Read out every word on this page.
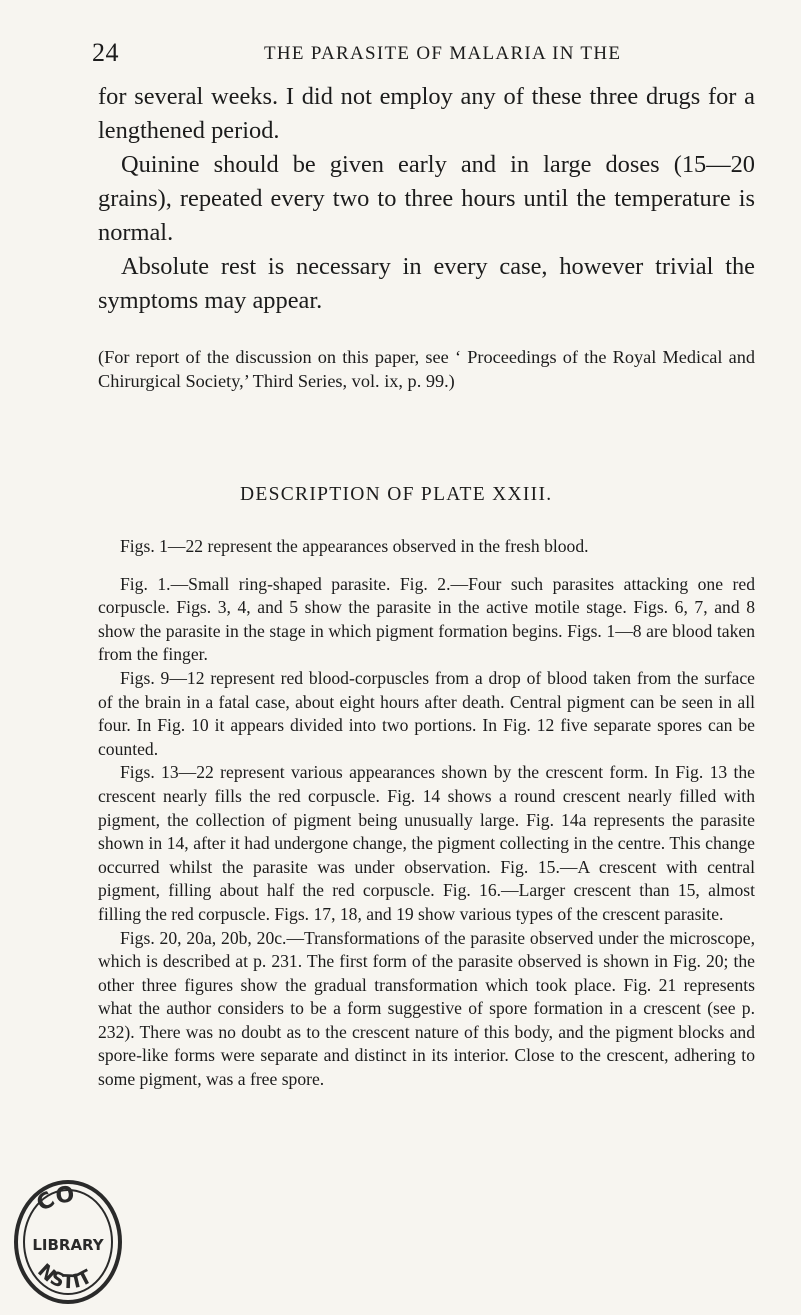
24	THE PARASITE OF MALARIA IN THE

for several weeks. I did not employ any of these three drugs for a lengthened period.

Quinine should be given early and in large doses (15—20 grains), repeated every two to three hours until the temperature is normal.

Absolute rest is necessary in every case, however trivial the symptoms may appear.

(For report of the discussion on this paper, see ‘ Proceedings of the Royal Medical and Chirurgical Society,’ Third Series, vol. ix, p. 99.)

DESCRIPTION OF PLATE XXIII.

Figs. 1—22 represent the appearances observed in the fresh blood.

Fig. 1.—Small ring-shaped parasite. Fig. 2.—Four such parasites attacking one red corpuscle. Figs. 3, 4, and 5 show the parasite in the active motile stage. Figs. 6, 7, and 8 show the parasite in the stage in which pigment formation begins. Figs. 1—8 are blood taken from the finger.

Figs. 9—12 represent red blood-corpuscles from a drop of blood taken from the surface of the brain in a fatal case, about eight hours after death. Central pigment can be seen in all four. In Fig. 10 it appears divided into two portions. In Fig. 12 five separate spores can be counted.

Figs. 13—22 represent various appearances shown by the crescent form. In Fig. 13 the crescent nearly fills the red corpuscle. Fig. 14 shows a round crescent nearly filled with pigment, the collection of pigment being unusually large. Fig. 14a represents the parasite shown in 14, after it had undergone change, the pigment collecting in the centre. This change occurred whilst the parasite was under observation. Fig. 15.—A crescent with central pigment, filling about half the red corpuscle. Fig. 16.—Larger crescent than 15, almost filling the red corpuscle. Figs. 17, 18, and 19 show various types of the crescent parasite.

Figs. 20, 20a, 20b, 20c.—Transformations of the parasite observed under the microscope, which is described at p. 231. The first form of the parasite observed is shown in Fig. 20; the other three figures show the gradual transformation which took place. Fig. 21 represents what the author considers to be a form suggestive of spore formation in a crescent (see p. 232). There was no doubt as to the crescent nature of this body, and the pigment blocks and spore-like forms were separate and distinct in its interior. Close to the crescent, adhering to some pigment, was a free spore.

CO
LIBRARY
NSTIT
